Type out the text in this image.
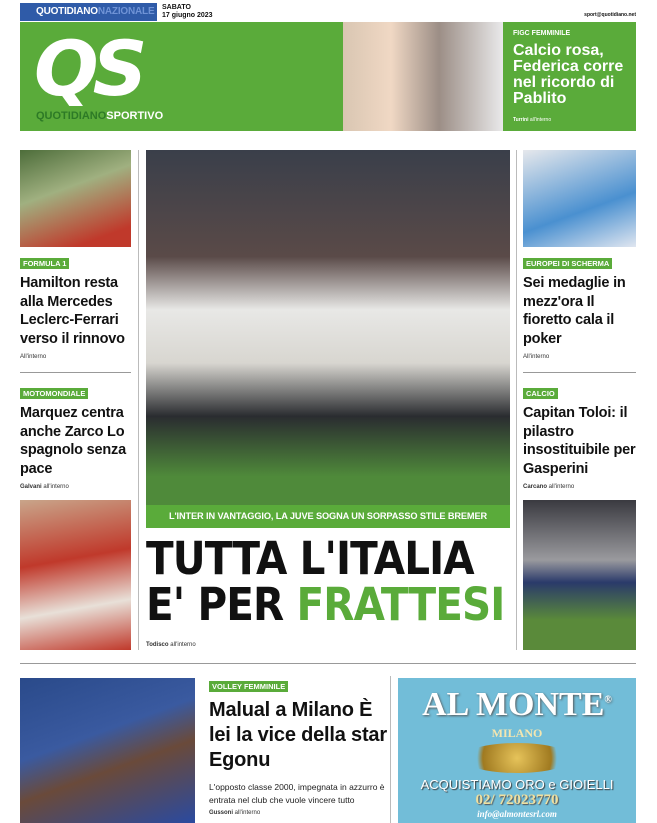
QUOTIDIANONAZIONALE	SABATO
17 giugno 2023	sport@quotidiano.net
QS
QUOTIDIANOSPORTIVO
FIGC FEMMINILE
Calcio rosa, Federica corre nel ricordo di Pablito
Turrini all'interno
FORMULA 1
Hamilton resta alla Mercedes Leclerc-Ferrari verso il rinnovo
All'interno
MOTOMONDIALE
Marquez centra anche Zarco Lo spagnolo senza pace
Galvani all'interno
L'INTER IN VANTAGGIO, LA JUVE SOGNA UN SORPASSO STILE BREMER
TUTTA L'ITALIA
E' PER FRATTESI
Todisco all'interno
EUROPEI DI SCHERMA
Sei medaglie in mezz'ora Il fioretto cala il poker
All'interno
CALCIO
Capitan Toloi: il pilastro insostituibile per Gasperini
Carcano all'interno
VOLLEY FEMMINILE
Malual a Milano È lei la vice della star Egonu
L'opposto classe 2000, impegnata in azzurro è entrata nel club che vuole vincere tutto
Gussoni all'interno
AL MONTE®
MILANO
ACQUISTIAMO ORO e GIOIELLI
02/ 72023770
info@almontesrl.com
